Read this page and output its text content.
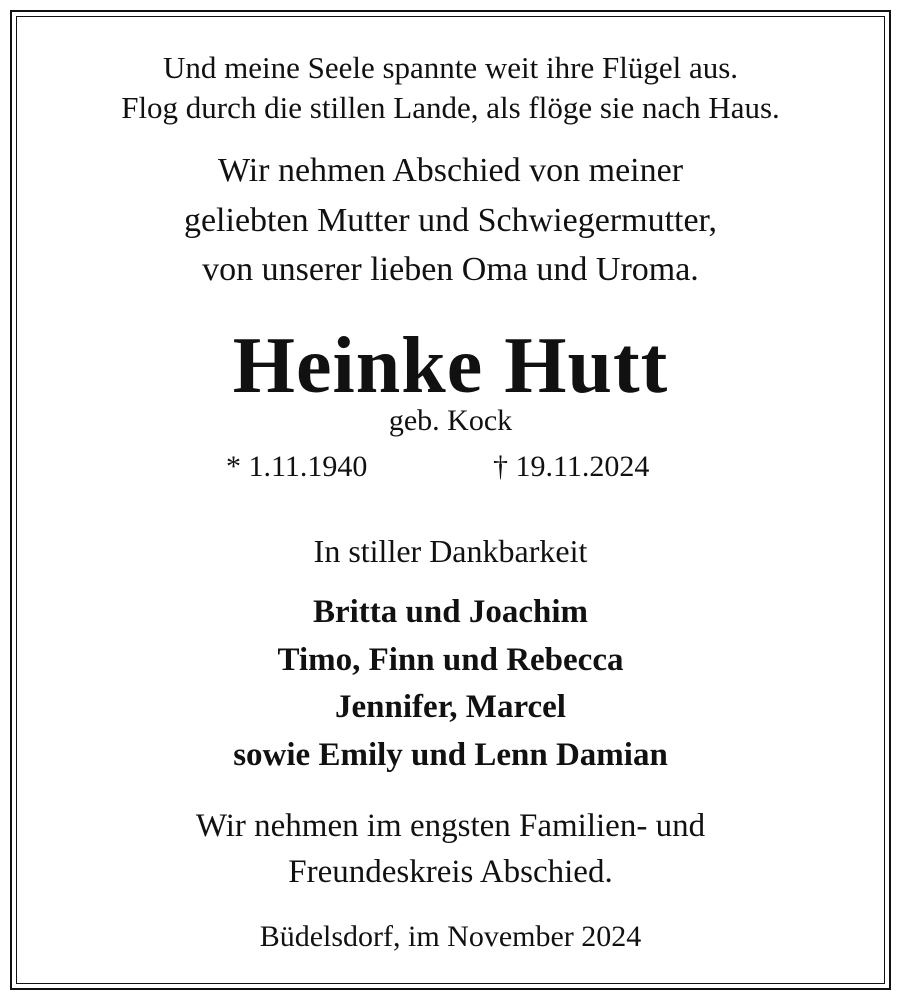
Und meine Seele spannte weit ihre Flügel aus.
Flog durch die stillen Lande, als flöge sie nach Haus.
Wir nehmen Abschied von meiner
geliebten Mutter und Schwiegermutter,
von unserer lieben Oma und Uroma.
Heinke Hutt
geb. Kock
* 1.11.1940	† 19.11.2024
In stiller Dankbarkeit
Britta und Joachim
Timo, Finn und Rebecca
Jennifer, Marcel
sowie Emily und Lenn Damian
Wir nehmen im engsten Familien- und
Freundeskreis Abschied.
Büdelsdorf, im November 2024
